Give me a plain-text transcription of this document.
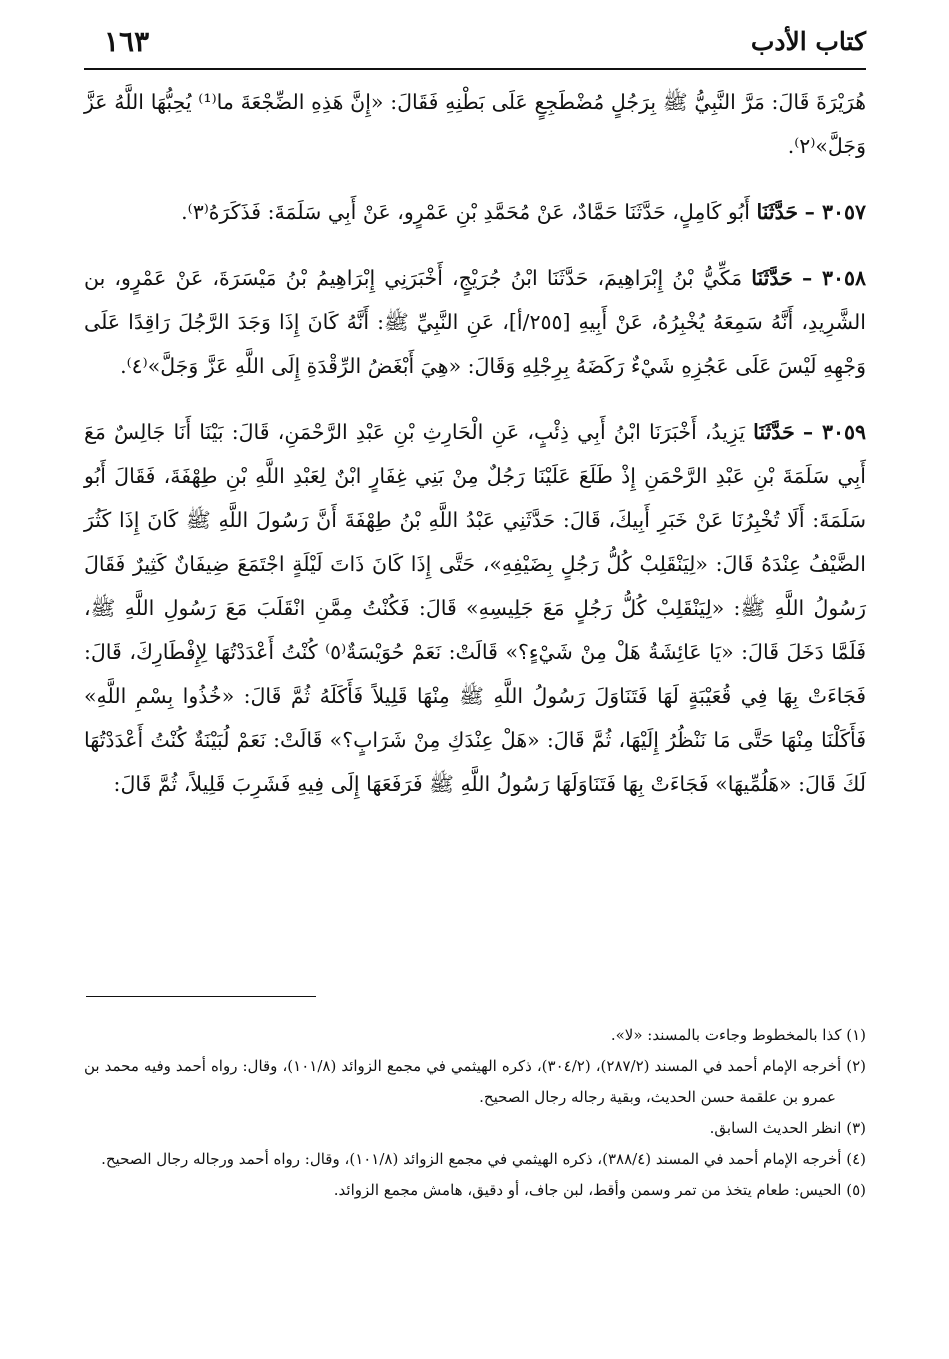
كتاب الأدب
١٦٣

هُرَيْرَةَ قَالَ: مَرَّ النَّبِيُّ ﷺ بِرَجُلٍ مُضْطَجِعٍ عَلَى بَطْنِهِ فَقَالَ: «إِنَّ هَذِهِ الضِّجْعَةَ ما⁽¹⁾ يُحِبُّهَا اللَّهُ عَزَّ وَجَلَّ»⁽٢⁾.

٣٠٥٧ – حَدَّثَنَا أَبُو كَامِلٍ، حَدَّثَنَا حَمَّادٌ، عَنْ مُحَمَّدِ بْنِ عَمْرٍو، عَنْ أَبِي سَلَمَةَ: فَذَكَرَهُ⁽٣⁾.

٣٠٥٨ – حَدَّثَنَا مَكِّيُّ بْنُ إِبْرَاهِيمَ، حَدَّثَنَا ابْنُ جُرَيْجٍ، أَخْبَرَنِي إِبْرَاهِيمُ بْنُ مَيْسَرَةَ، عَنْ عَمْرٍو، بن الشَّرِيدِ، أَنَّهُ سَمِعَهُ يُخْبِرُهُ، عَنْ أَبِيهِ [٢٥٥/أ]، عَنِ النَّبِيِّ ﷺ: أَنَّهُ كَانَ إِذَا وَجَدَ الرَّجُلَ رَاقِدًا عَلَى وَجْهِهِ لَيْسَ عَلَى عَجُزِهِ شَيْءٌ رَكَضَهُ بِرِجْلِهِ وَقَالَ: «هِيَ أَبْغَضُ الرِّقْدَةِ إِلَى اللَّهِ عَزَّ وَجَلَّ»⁽٤⁾.

٣٠٥٩ – حَدَّثَنَا يَزِيدُ، أَخْبَرَنَا ابْنُ أَبِي ذِئْبٍ، عَنِ الْحَارِثِ بْنِ عَبْدِ الرَّحْمَنِ، قَالَ: بَيْنَا أَنَا جَالِسٌ مَعَ أَبِي سَلَمَةَ بْنِ عَبْدِ الرَّحْمَنِ إِذْ طَلَعَ عَلَيْنَا رَجُلٌ مِنْ بَنِي غِفَارٍ ابْنٌ لِعَبْدِ اللَّهِ بْنِ طِهْفَةَ، فَقَالَ أَبُو سَلَمَةَ: أَلَا تُخْبِرُنَا عَنْ خَبَرِ أَبِيكَ، قَالَ: حَدَّثَنِي عَبْدُ اللَّهِ بْنُ طِهْفَةَ أَنَّ رَسُولَ اللَّهِ ﷺ كَانَ إِذَا كَثُرَ الضَّيْفُ عِنْدَهُ قَالَ: «لِيَنْقَلِبْ كُلُّ رَجُلٍ بِضَيْفِهِ»، حَتَّى إِذَا كَانَ ذَاتَ لَيْلَةٍ اجْتَمَعَ ضِيفَانٌ كَثِيرٌ فَقَالَ رَسُولُ اللَّهِ ﷺ: «لِيَنْقَلِبْ كُلُّ رَجُلٍ مَعَ جَلِيسِهِ» قَالَ: فَكُنْتُ مِمَّنِ انْقَلَبَ مَعَ رَسُولِ اللَّهِ ﷺ، فَلَمَّا دَخَلَ قَالَ: «يَا عَائِشَةُ هَلْ مِنْ شَيْءٍ؟» قَالَتْ: نَعَمْ حُوَيْسَةٌ⁽٥⁾ كُنْتُ أَعْدَدْتُهَا لِإِفْطَارِكَ، قَالَ: فَجَاءَتْ بِهَا فِي قُعَيْبَةٍ لَهَا فَتَنَاوَلَ رَسُولُ اللَّهِ ﷺ مِنْهَا قَلِيلاً فَأَكَلَهُ ثُمَّ قَالَ: «خُذُوا بِسْمِ اللَّهِ» فَأَكَلْنَا مِنْهَا حَتَّى مَا نَنْظُرُ إِلَيْهَا، ثُمَّ قَالَ: «هَلْ عِنْدَكِ مِنْ شَرَابٍ؟» قَالَتْ: نَعَمْ لُبَيْنَةٌ كُنْتُ أَعْدَدْتُهَا لَكَ قَالَ: «هَلُمِّيهَا» فَجَاءَتْ بِهَا فَتَنَاوَلَهَا رَسُولُ اللَّهِ ﷺ فَرَفَعَهَا إِلَى فِيهِ فَشَرِبَ قَلِيلاً، ثُمَّ قَالَ:

(١) كذا بالمخطوط وجاءت بالمسند: «لا».
(٢) أخرجه الإمام أحمد في المسند (٢٨٧/٢)، (٣٠٤/٢)، ذكره الهيثمي في مجمع الزوائد (١٠١/٨)، وقال: رواه أحمد وفيه محمد بن عمرو بن علقمة حسن الحديث، وبقية رجاله رجال الصحيح.
(٣) انظر الحديث السابق.
(٤) أخرجه الإمام أحمد في المسند (٣٨٨/٤)، ذكره الهيثمي في مجمع الزوائد (١٠١/٨)، وقال: رواه أحمد ورجاله رجال الصحيح.
(٥) الحيس: طعام يتخذ من تمر وسمن وأقط، لبن جاف، أو دقيق، هامش مجمع الزوائد.
